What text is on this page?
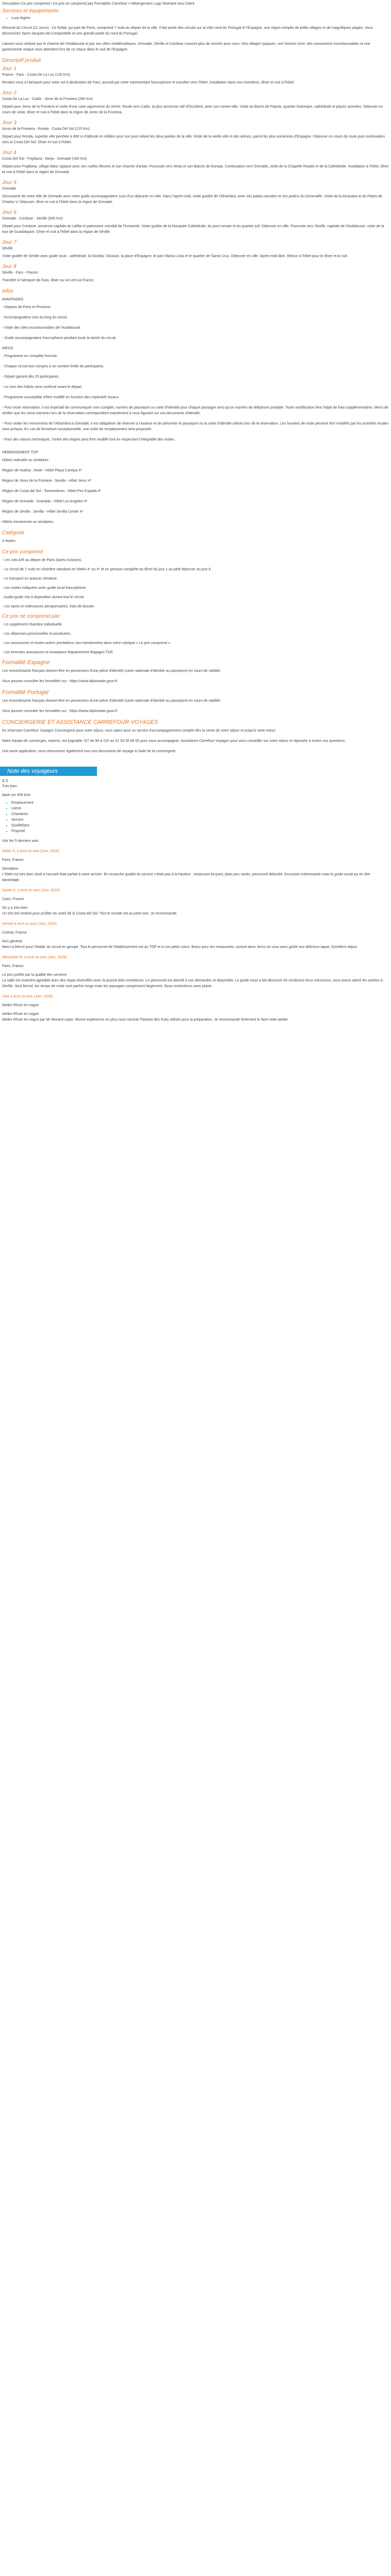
Description Ce prix comprend • Ce prix ne comprend pas Formalités Carrefour • Hébergement Logo Itinéraire Avis Client

Services et équipements
• Luxe légère

Résumé du Circuit (11 Jours) : Ce forfait, qui part de Porto, comprend 7 nuits au départ de la ville. Il fait partie des circuits sur la côte nord du Portugal et l'Espagne, une région remplie de petits villages et de magnifiques plages. Vous découvrirez Saint-Jacques-de-Compostelle et une grande partie du nord du Portugal.

Laissez-vous séduire par le charme de l'Andalousie et par ses villes emblématiques. Grenade, Séville et Cordoue n'auront plus de secrets pour vous. Des villages typiques, une histoire riche, des monuments incontournables et une gastronomie unique vous attendent lors de ce séjour dans le sud de l'Espagne.

Descriptif produit
Jour 1
France - Faro - Costa De La Luz (130 Km)

Rendez-vous à l'aéroport pour votre vol à destination de Faro, accueil par notre représentant francophone et transfert vers l'hôtel. Installation dans vos chambres, dîner et nuit à l'hôtel.

Jour 2
Costa De La Luz - Cadix - Jerez de la Frontera (265 Km)

Départ pour Jerez de la Frontera et visite d'une cave vigneronne du Xérès. Route vers Cadix, la plus ancienne cité d'Occident, avec son centre-ville. Visite du Barrio de Pópulo, quartier historique, cathédrale et places animées. Déjeuner en cours de visite, dîner et nuit à l'hôtel dans la région de Jerez de la Frontera.

Jour 3
Arcos de la Frontera - Ronda - Costa Del Sol (215 Km)

Départ pour Ronda, superbe ville perchée à 800 m d'altitude et célèbre pour son pont reliant les deux parties de la ville. Visite de la vieille ville et des arènes, parmi les plus anciennes d'Espagne. Déjeuner en cours de route puis continuation vers la Costa Del Sol. Dîner et nuit à l'hôtel.

Jour 4
Costa Del Sol - Frigiliana - Nerja - Grenade (165 Km)

Départ pour Frigiliana, village blanc typique avec ses ruelles fleuries et son charme d'antan. Poursuite vers Nerja et son Balcón de Europa. Continuation vers Grenade, visite de la Chapelle Royale et de la Cathédrale. Installation à l'hôtel, dîner et nuit à l'hôtel dans la région de Grenade.

Jour 5
Grenade

Découverte de notre ville de Grenade avec notre guide accompagnateur suivi d'un déjeuner en ville. Dans l'après-midi, visite guidée de l'Alhambra, avec ses palais nasrides et ses jardins du Generalife. Visite de la Alcazaba et du Palais de Charles V. Déjeuner, dîner et nuit à l'hôtel dans la région de Grenade.

Jour 6
Grenade - Cordoue - Séville (300 Km)

Départ pour Cordoue, ancienne capitale du califat et patrimoine mondial de l'humanité. Visite guidée de la Mosquée-Cathédrale, du pont romain et du quartier juif. Déjeuner en ville. Poursuite vers Séville, capitale de l'Andalousie, visite de la tour de Guadalquivir. Dîner et nuit à l'hôtel dans la région de Séville.

Jour 7
Séville

Visite guidée de Séville avec guide local : cathédrale, la Giralda, l'Alcazar, la place d'Espagne, le parc María Luisa et le quartier de Santa Cruz. Déjeuner en ville. Après-midi libre. Retour à l'hôtel pour le dîner et la nuit.

Jour 8
Séville - Faro - France

Transfert à l'aéroport de Faro, dîner ou vol vers la France.

Infos
AVANTAGES

- Départs de Paris et Province.

- Accompagnateur tout au long du circuit.

- Visite des sites incontournables de l'Andalousie.

- Guide accompagnateur francophone pendant toute la durée du circuit.

INFOS

- Programme en complète formule.

- Chaque circuit tout compris a un nombre limité de participants.

- Départ garanti dès 25 participants.

- Le nom des hôtels sera confirmé avant le départ.

- Programme susceptible d'être modifié en fonction des impératifs locaux.

- Pour toute réservation, il est impératif de communiquer nom complet, numéro de passeport ou carte d'identité pour chaque passager ainsi qu'un numéro de téléphone portable. Toute modification fera l'objet de frais supplémentaires. Merci de vérifier que les noms transmis lors de la réservation correspondent exactement à ceux figurant sur vos documents d'identité.

- Pour visiter les monuments de l'Alhambra à Grenade, il est obligatoire de réserver à l'avance et de présenter le passeport ou la carte d'identité utilisés lors de la réservation. Les horaires de visite peuvent être modifiés par les autorités locales sans préavis. En cas de fermeture exceptionnelle, une visite de remplacement sera proposée.

- Pour des raisons techniques, l'ordre des étapes peut être modifié tout en respectant l'intégralité des visites.

HÉBERGEMENT TOP

Hôtels indicatifs ou similaires :

Région de Huelva : Hotel - Hôtel Playa Cartaya 4*

Région de Jerez de la Frontera : Sevilla - Hôtel Jerez 4*

Région de Costa del Sol : Torremolinos - Hôtel Pez Espada 4*

Région de Grenade : Granada - Hôtel Los Angeles 4*

Région de Séville : Sevilla - Hôtel Sevilla Center 4*

Hôtels mentionnés ou similaires.

Catégorie

4 étoiles

Ce prix comprend

- Les vols A/R au départ de Paris (taxes incluses).

- Le circuit de 7 nuits en chambre standard en hôtels 4* au 4* et en pension complète du dîner du jour 1 au petit déjeuner du jour 8.

- Le transport en autocar climatisé.

- Les visites indiquées avec guide local francophone.

- Audio-guide mis à disposition durant tout le circuit.

- Les taxes et redevances aéroportuaires, frais de dossier.

Ce prix ne comprend pas

- Le supplément chambre individuelle.

- Les dépenses personnelles et pourboires.

- Les assurances et toutes autres prestations non mentionnées dans notre rubrique « Le prix comprend ».

- Les formules assurances et Assistance Rapatriement Bagages TOP.

Formalité Espagne

Les ressortissants français doivent être en possession d'une pièce d'identité (carte nationale d'identité ou passeport) en cours de validité.

Vous pouvez consulter les formalités sur : https://www.diplomatie.gouv.fr

Formalité Portugal

Les ressortissants français doivent être en possession d'une pièce d'identité (carte nationale d'identité ou passeport) en cours de validité.

Vous pouvez consulter les formalités sur : https://www.diplomatie.gouv.fr

CONCIERGERIE ET ASSISTANCE CARREFOUR VOYAGES

En réservant Carrefour Voyages Conciergerie pour votre séjour, vous optez pour un service d'accompagnement complet dès la vente de votre séjour et jusqu'à votre retour.

Notre équipe de concierges, experts, est joignable 7j/7 de 9h à 21h au 01 53 36 89 00 pour vous accompagner. Assistance Carrefour Voyages pour vous conseiller sur votre séjour et répondre à toutes vos questions.

Une autre application, vous retrouverez également tous vos documents de voyage à l'aide de la conciergerie.

Note des voyageurs

4.3

Très bien

basé sur 409 Avis

• Emplacement
• Literie
• Chambres
• Service
• Qualité/prix
• Propreté

Voir les 5 derniers avis

Didier S. a écrit un avis (Juin, 2026)

Paris, France

Déception

L'hôtel est très bien situé à l'accueil était parfait à notre arrivée. En revanche qualité du service n'était pas à la hauteur : restaurant bruyant, plats peu variés, personnel débordé. Excursion intéressante mais le guide aurait pu en dire davantage.

Sylvie G. a écrit un avis (Juin, 2026)

Caen, France

On y a très bien

Un très bel endroit pour profiter du soleil de la Costa del Sol. Tout le monde est au petit soin, Je recommande.

Gérard a écrit un avis (Juin, 2026)

Colmar, France

Avis général

Merci à Mercè pour l'établir du circuit en groupe. Tout le personnel de l'établissement est au TOP et à nos petits soins. Bravo pour les restaurants, surtout dans Jerez où vous avez goûté aux délicieux tapas. Excellent séjour.

Alexandre M. a écrit un avis (Juin, 2026)

Paris, France

Le prix justifie par la qualité des services

La salle est vraiment agréable avec des repas diversifiés avec la piscine bien entretenue. Le personnel est attentif à nos demandes et disponible. Le guide nous a fait découvrir de nombreux lieux méconnus, nous avons adoré les soirées à Séville. Seul bémol, les temps de route sont parfois longs mais les paysages compensent largement. Nous reviendrons avec plaisir.

Julie a écrit un avis (Juin, 2026)

Atelier Rhum en vogue

Atelier Rhum en vogue

Atelier Rhum en vogue par Mr Morand super. Bonne expérience en plus nous raconte l'histoire des fruits utilisés pour la préparation. Je recommande fortement le faire cette atelier.
